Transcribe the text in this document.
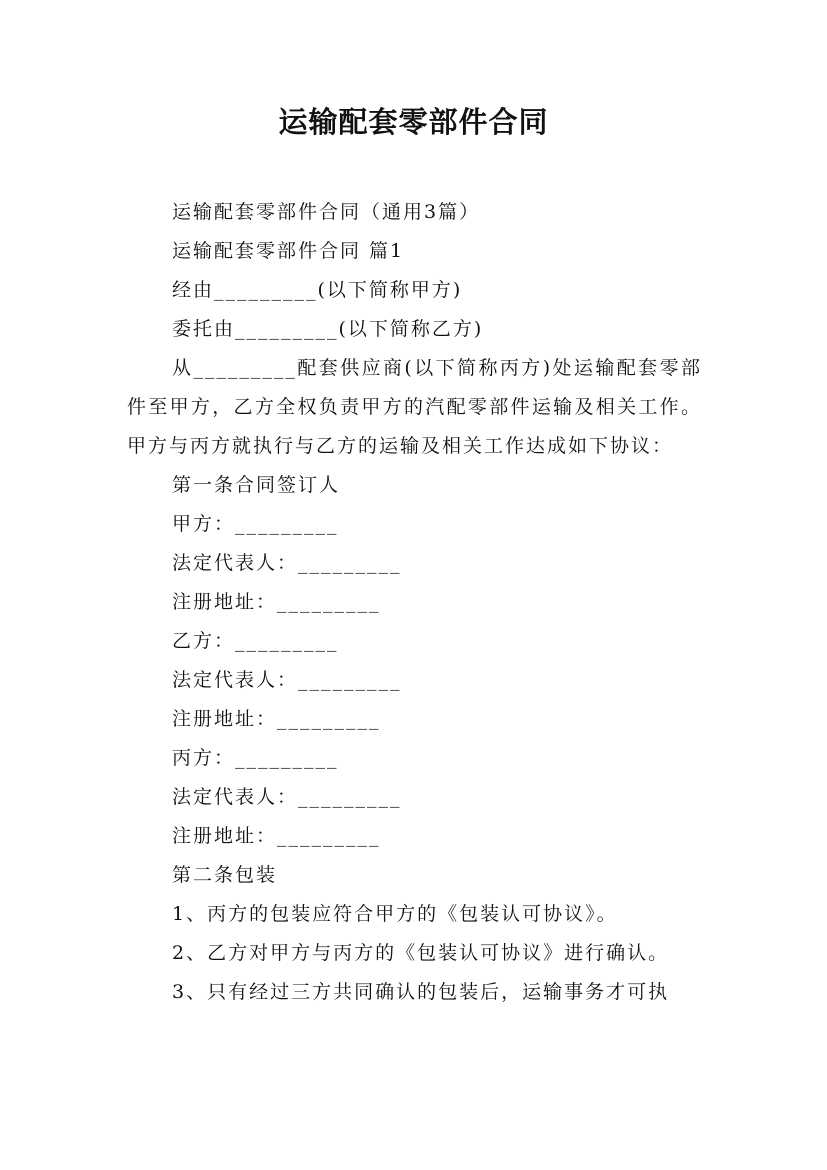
运输配套零部件合同

运输配套零部件合同（通用3篇）

运输配套零部件合同 篇1

经由_________(以下简称甲方)

委托由_________(以下简称乙方)

从_________配套供应商(以下简称丙方)处运输配套零部件至甲方，乙方全权负责甲方的汽配零部件运输及相关工作。甲方与丙方就执行与乙方的运输及相关工作达成如下协议：

第一条合同签订人

甲方：_________

法定代表人：_________

注册地址：_________

乙方：_________

法定代表人：_________

注册地址：_________

丙方：_________

法定代表人：_________

注册地址：_________

第二条包装

1、丙方的包装应符合甲方的《包装认可协议》。

2、乙方对甲方与丙方的《包装认可协议》进行确认。

3、只有经过三方共同确认的包装后，运输事务才可执
